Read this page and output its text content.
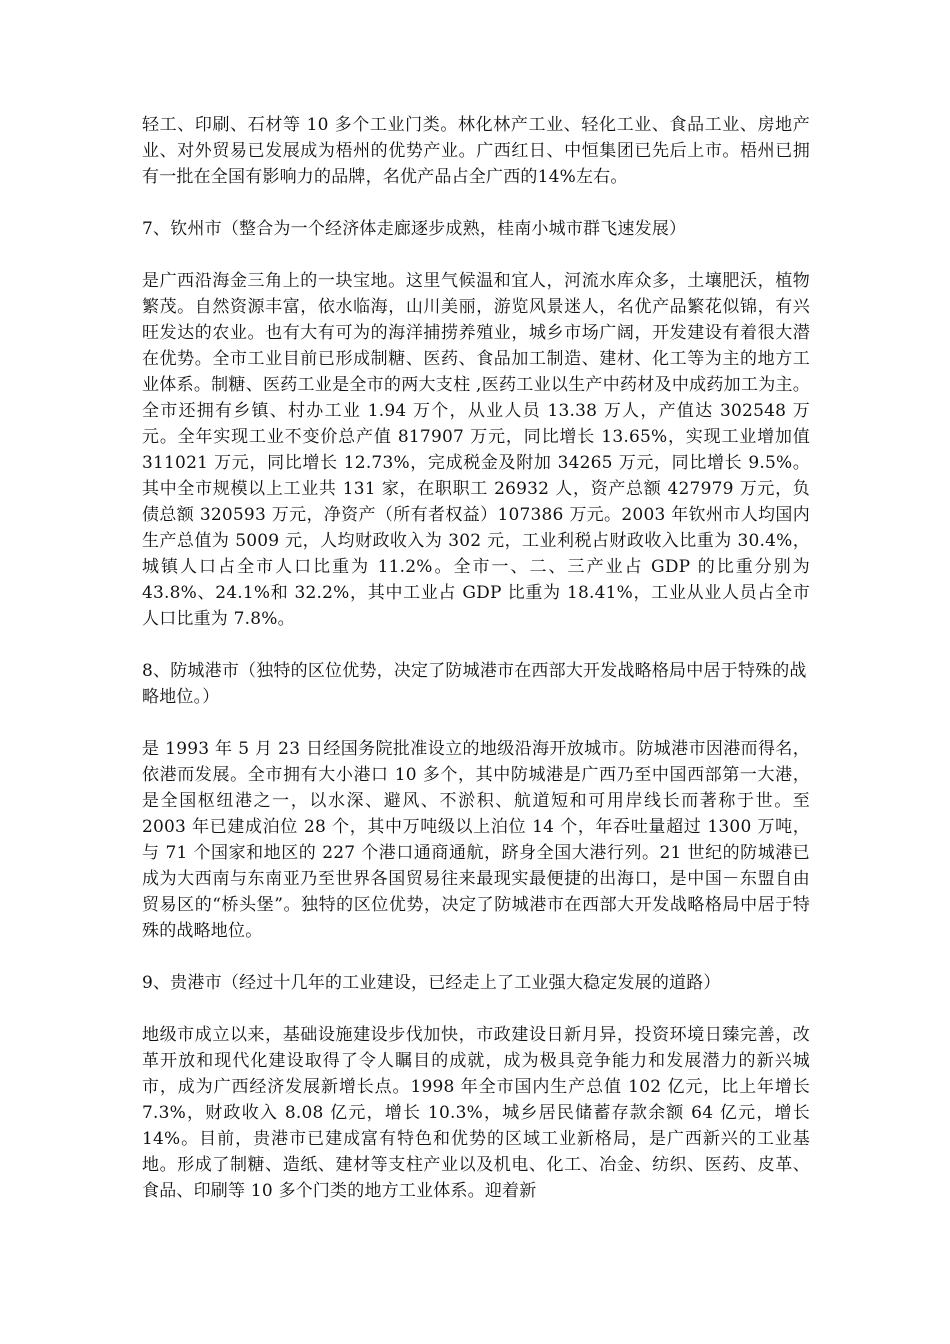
轻工、印刷、石材等 10 多个工业门类。林化林产工业、轻化工业、食品工业、房地产业、对外贸易已发展成为梧州的优势产业。广西红日、中恒集团已先后上市。梧州已拥有一批在全国有影响力的品牌，名优产品占全广西的14%左右。

7、钦州市（整合为一个经济体走廊逐步成熟，桂南小城市群飞速发展）

是广西沿海金三角上的一块宝地。这里气候温和宜人，河流水库众多，土壤肥沃，植物繁茂。自然资源丰富，依水临海，山川美丽，游览风景迷人，名优产品繁花似锦，有兴旺发达的农业。也有大有可为的海洋捕捞养殖业，城乡市场广阔，开发建设有着很大潜在优势。全市工业目前已形成制糖、医药、食品加工制造、建材、化工等为主的地方工业体系。制糖、医药工业是全市的两大支柱 ,医药工业以生产中药材及中成药加工为主。全市还拥有乡镇、村办工业 1.94 万个，从业人员 13.38 万人，产值达 302548 万元。全年实现工业不变价总产值 817907 万元，同比增长 13.65%，实现工业增加值 311021 万元，同比增长 12.73%，完成税金及附加 34265 万元，同比增长 9.5%。其中全市规模以上工业共 131 家，在职职工 26932 人，资产总额 427979 万元，负债总额 320593 万元，净资产（所有者权益）107386 万元。2003 年钦州市人均国内生产总值为 5009 元，人均财政收入为 302 元，工业利税占财政收入比重为 30.4%，城镇人口占全市人口比重为 11.2%。全市一、二、三产业占 GDP 的比重分别为 43.8%、24.1%和 32.2%，其中工业占 GDP 比重为 18.41%，工业从业人员占全市人口比重为 7.8%。

8、防城港市（独特的区位优势，决定了防城港市在西部大开发战略格局中居于特殊的战略地位。）

是 1993 年 5 月 23 日经国务院批准设立的地级沿海开放城市。防城港市因港而得名，依港而发展。全市拥有大小港口 10 多个，其中防城港是广西乃至中国西部第一大港，是全国枢纽港之一，以水深、避风、不淤积、航道短和可用岸线长而著称于世。至 2003 年已建成泊位 28 个，其中万吨级以上泊位 14 个，年吞吐量超过 1300 万吨，与 71 个国家和地区的 227 个港口通商通航，跻身全国大港行列。21 世纪的防城港已成为大西南与东南亚乃至世界各国贸易往来最现实最便捷的出海口，是中国－东盟自由贸易区的“桥头堡”。独特的区位优势，决定了防城港市在西部大开发战略格局中居于特殊的战略地位。

9、贵港市（经过十几年的工业建设，已经走上了工业强大稳定发展的道路）

地级市成立以来，基础设施建设步伐加快，市政建设日新月异，投资环境日臻完善，改革开放和现代化建设取得了令人瞩目的成就，成为极具竞争能力和发展潜力的新兴城市，成为广西经济发展新增长点。1998 年全市国内生产总值 102 亿元，比上年增长 7.3%，财政收入 8.08 亿元，增长 10.3%，城乡居民储蓄存款余额 64 亿元，增长 14%。目前，贵港市已建成富有特色和优势的区域工业新格局，是广西新兴的工业基地。形成了制糖、造纸、建材等支柱产业以及机电、化工、冶金、纺织、医药、皮革、食品、印刷等 10 多个门类的地方工业体系。迎着新
